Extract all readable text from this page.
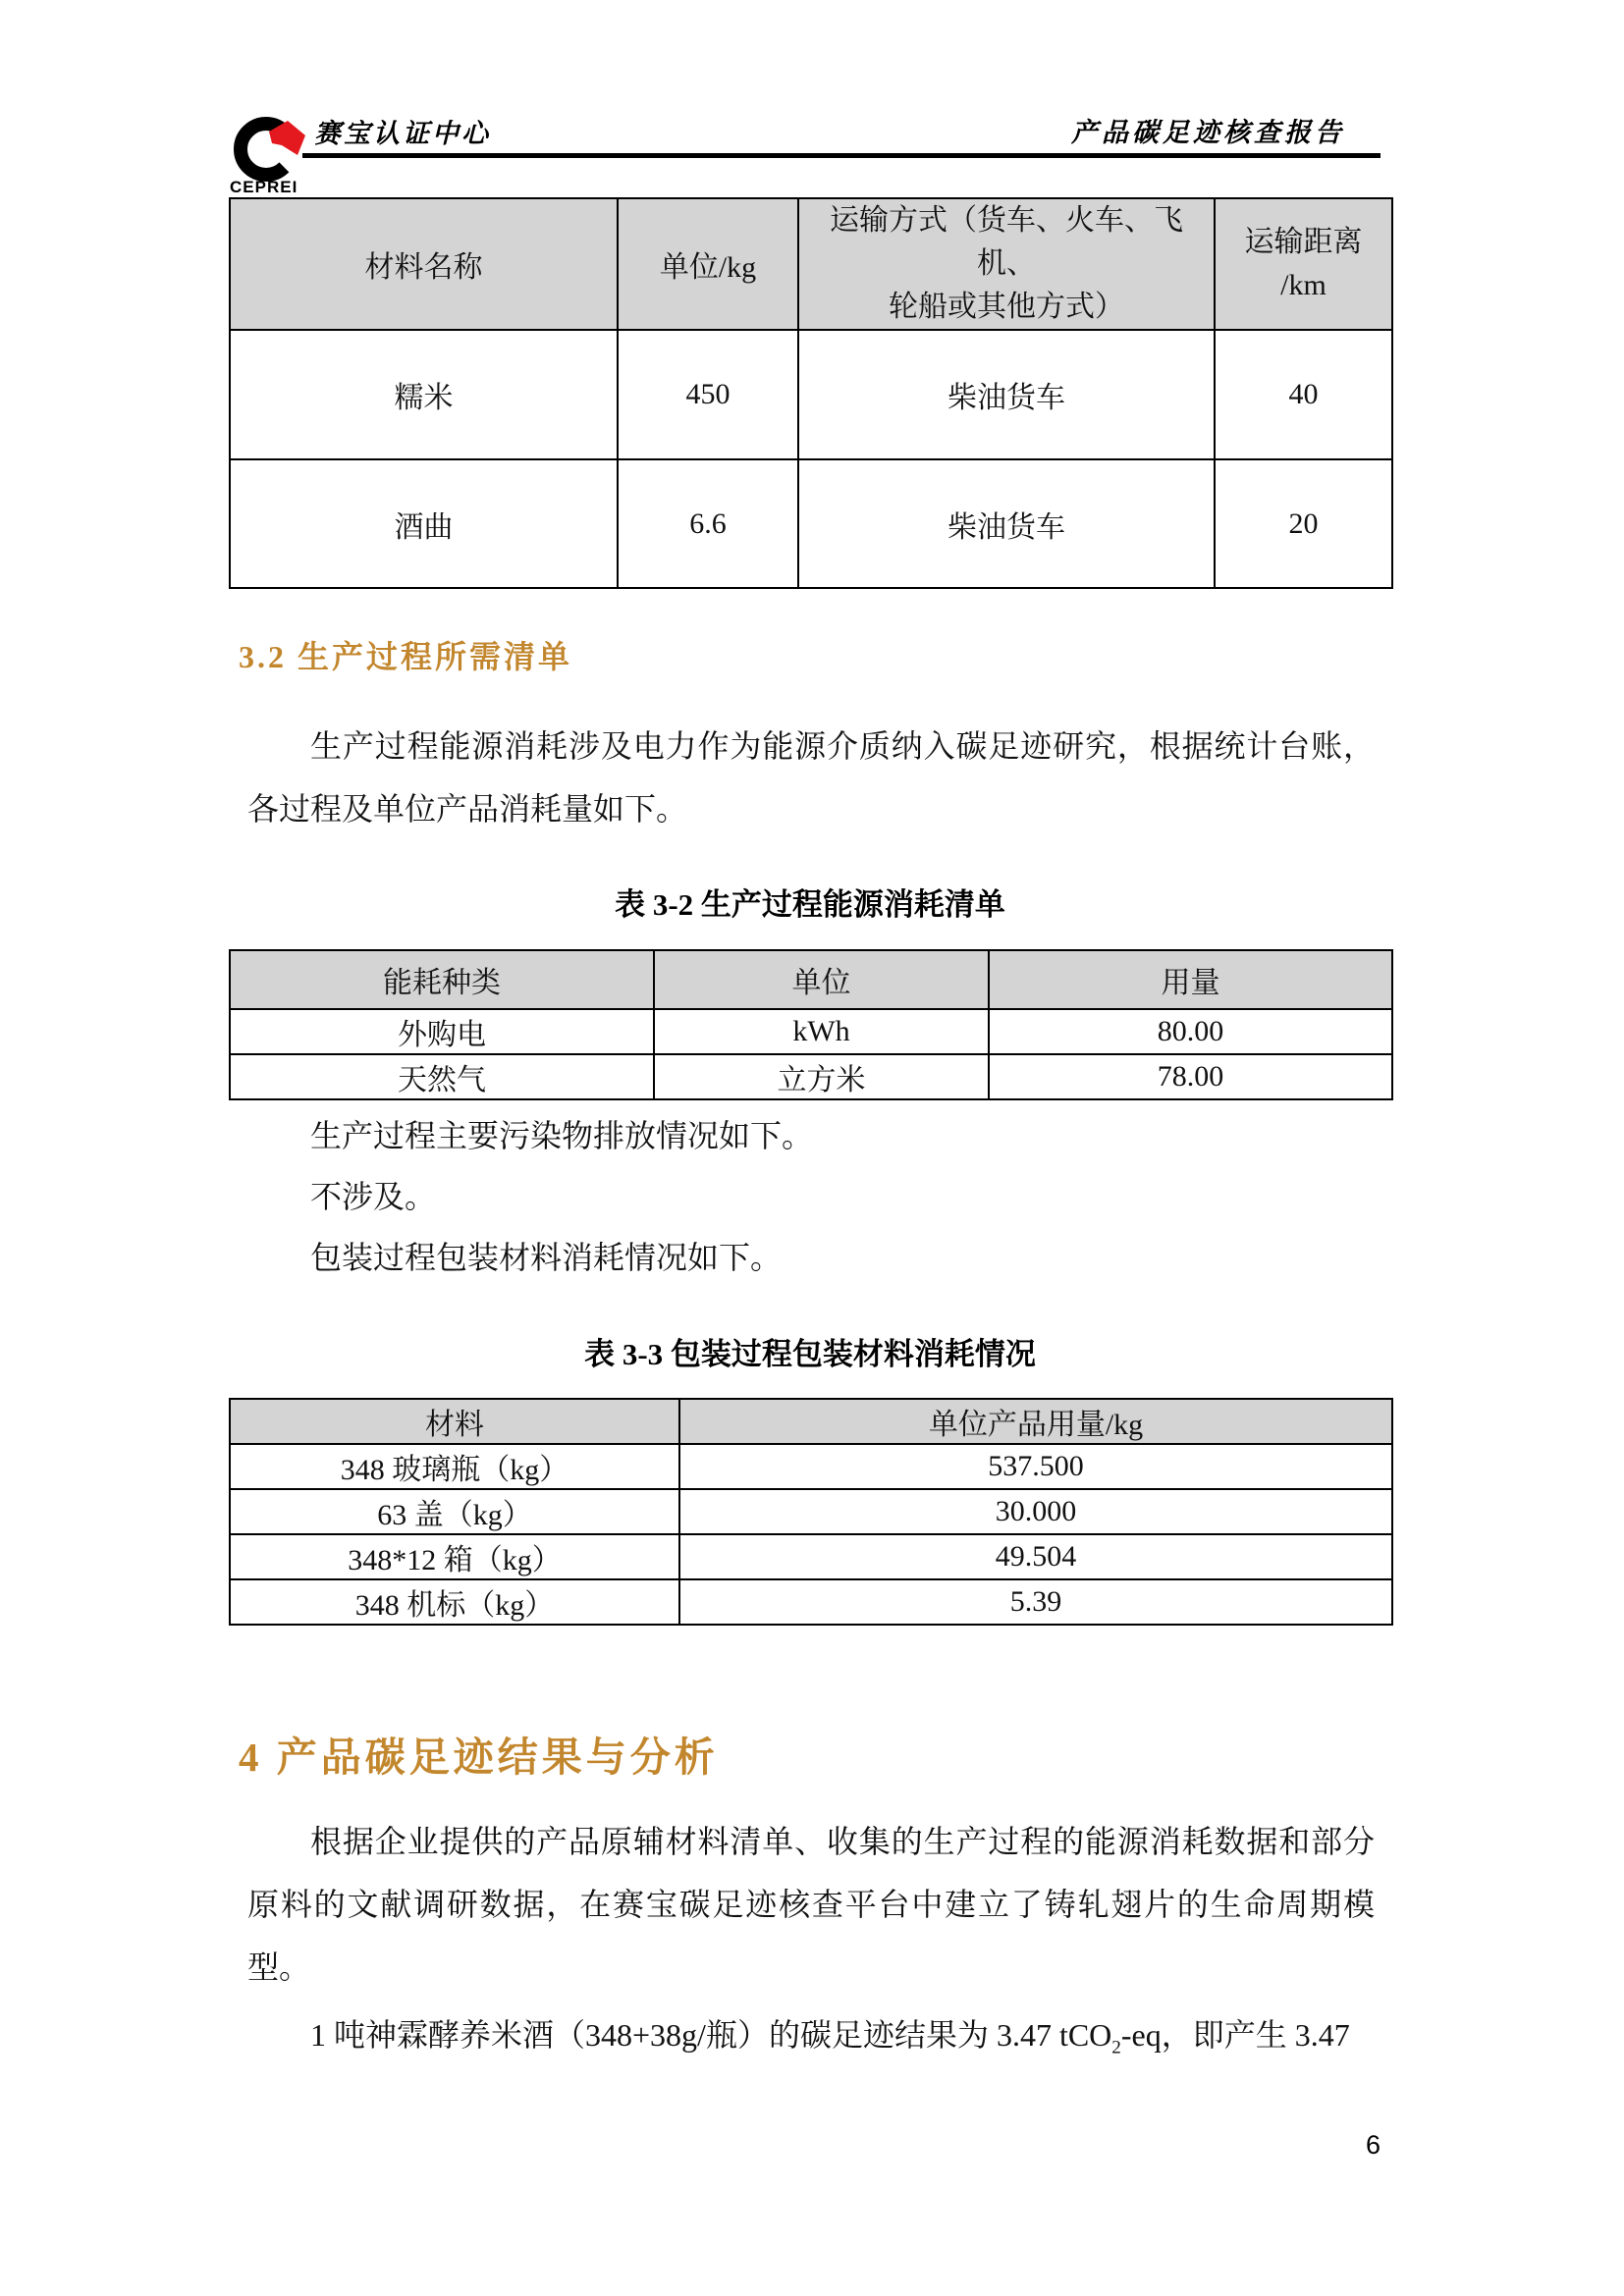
CEPREI
赛宝认证中心	产品碳足迹核查报告
材料名称	单位/kg	运输方式（货车、火车、飞机、
轮船或其他方式）	运输距离
/km

糯米	450	柴油货车	40
酒曲	6.6	柴油货车	20
3.2 生产过程所需清单
生产过程能源消耗涉及电力作为能源介质纳入碳足迹研究，根据统计台账，各过程及单位产品消耗量如下。
表 3-2 生产过程能源消耗清单
能耗种类	单位	用量
外购电	kWh	80.00
天然气	立方米	78.00

生产过程主要污染物排放情况如下。

不涉及。

包装过程包装材料消耗情况如下。

表 3-3 包装过程包装材料消耗情况
材料	单位产品用量/kg
348 玻璃瓶（kg）	537.500
63 盖（kg）	30.000
348*12 箱（kg）	49.504
348 机标（kg）	5.39
4 产品碳足迹结果与分析
根据企业提供的产品原辅材料清单、收集的生产过程的能源消耗数据和部分原料的文献调研数据，在赛宝碳足迹核查平台中建立了铸轧翅片的生命周期模型。
1 吨神霖酵养米酒（348+38g/瓶）的碳足迹结果为 3.47 tCO$_2$-eq，即产生 3.47
6
